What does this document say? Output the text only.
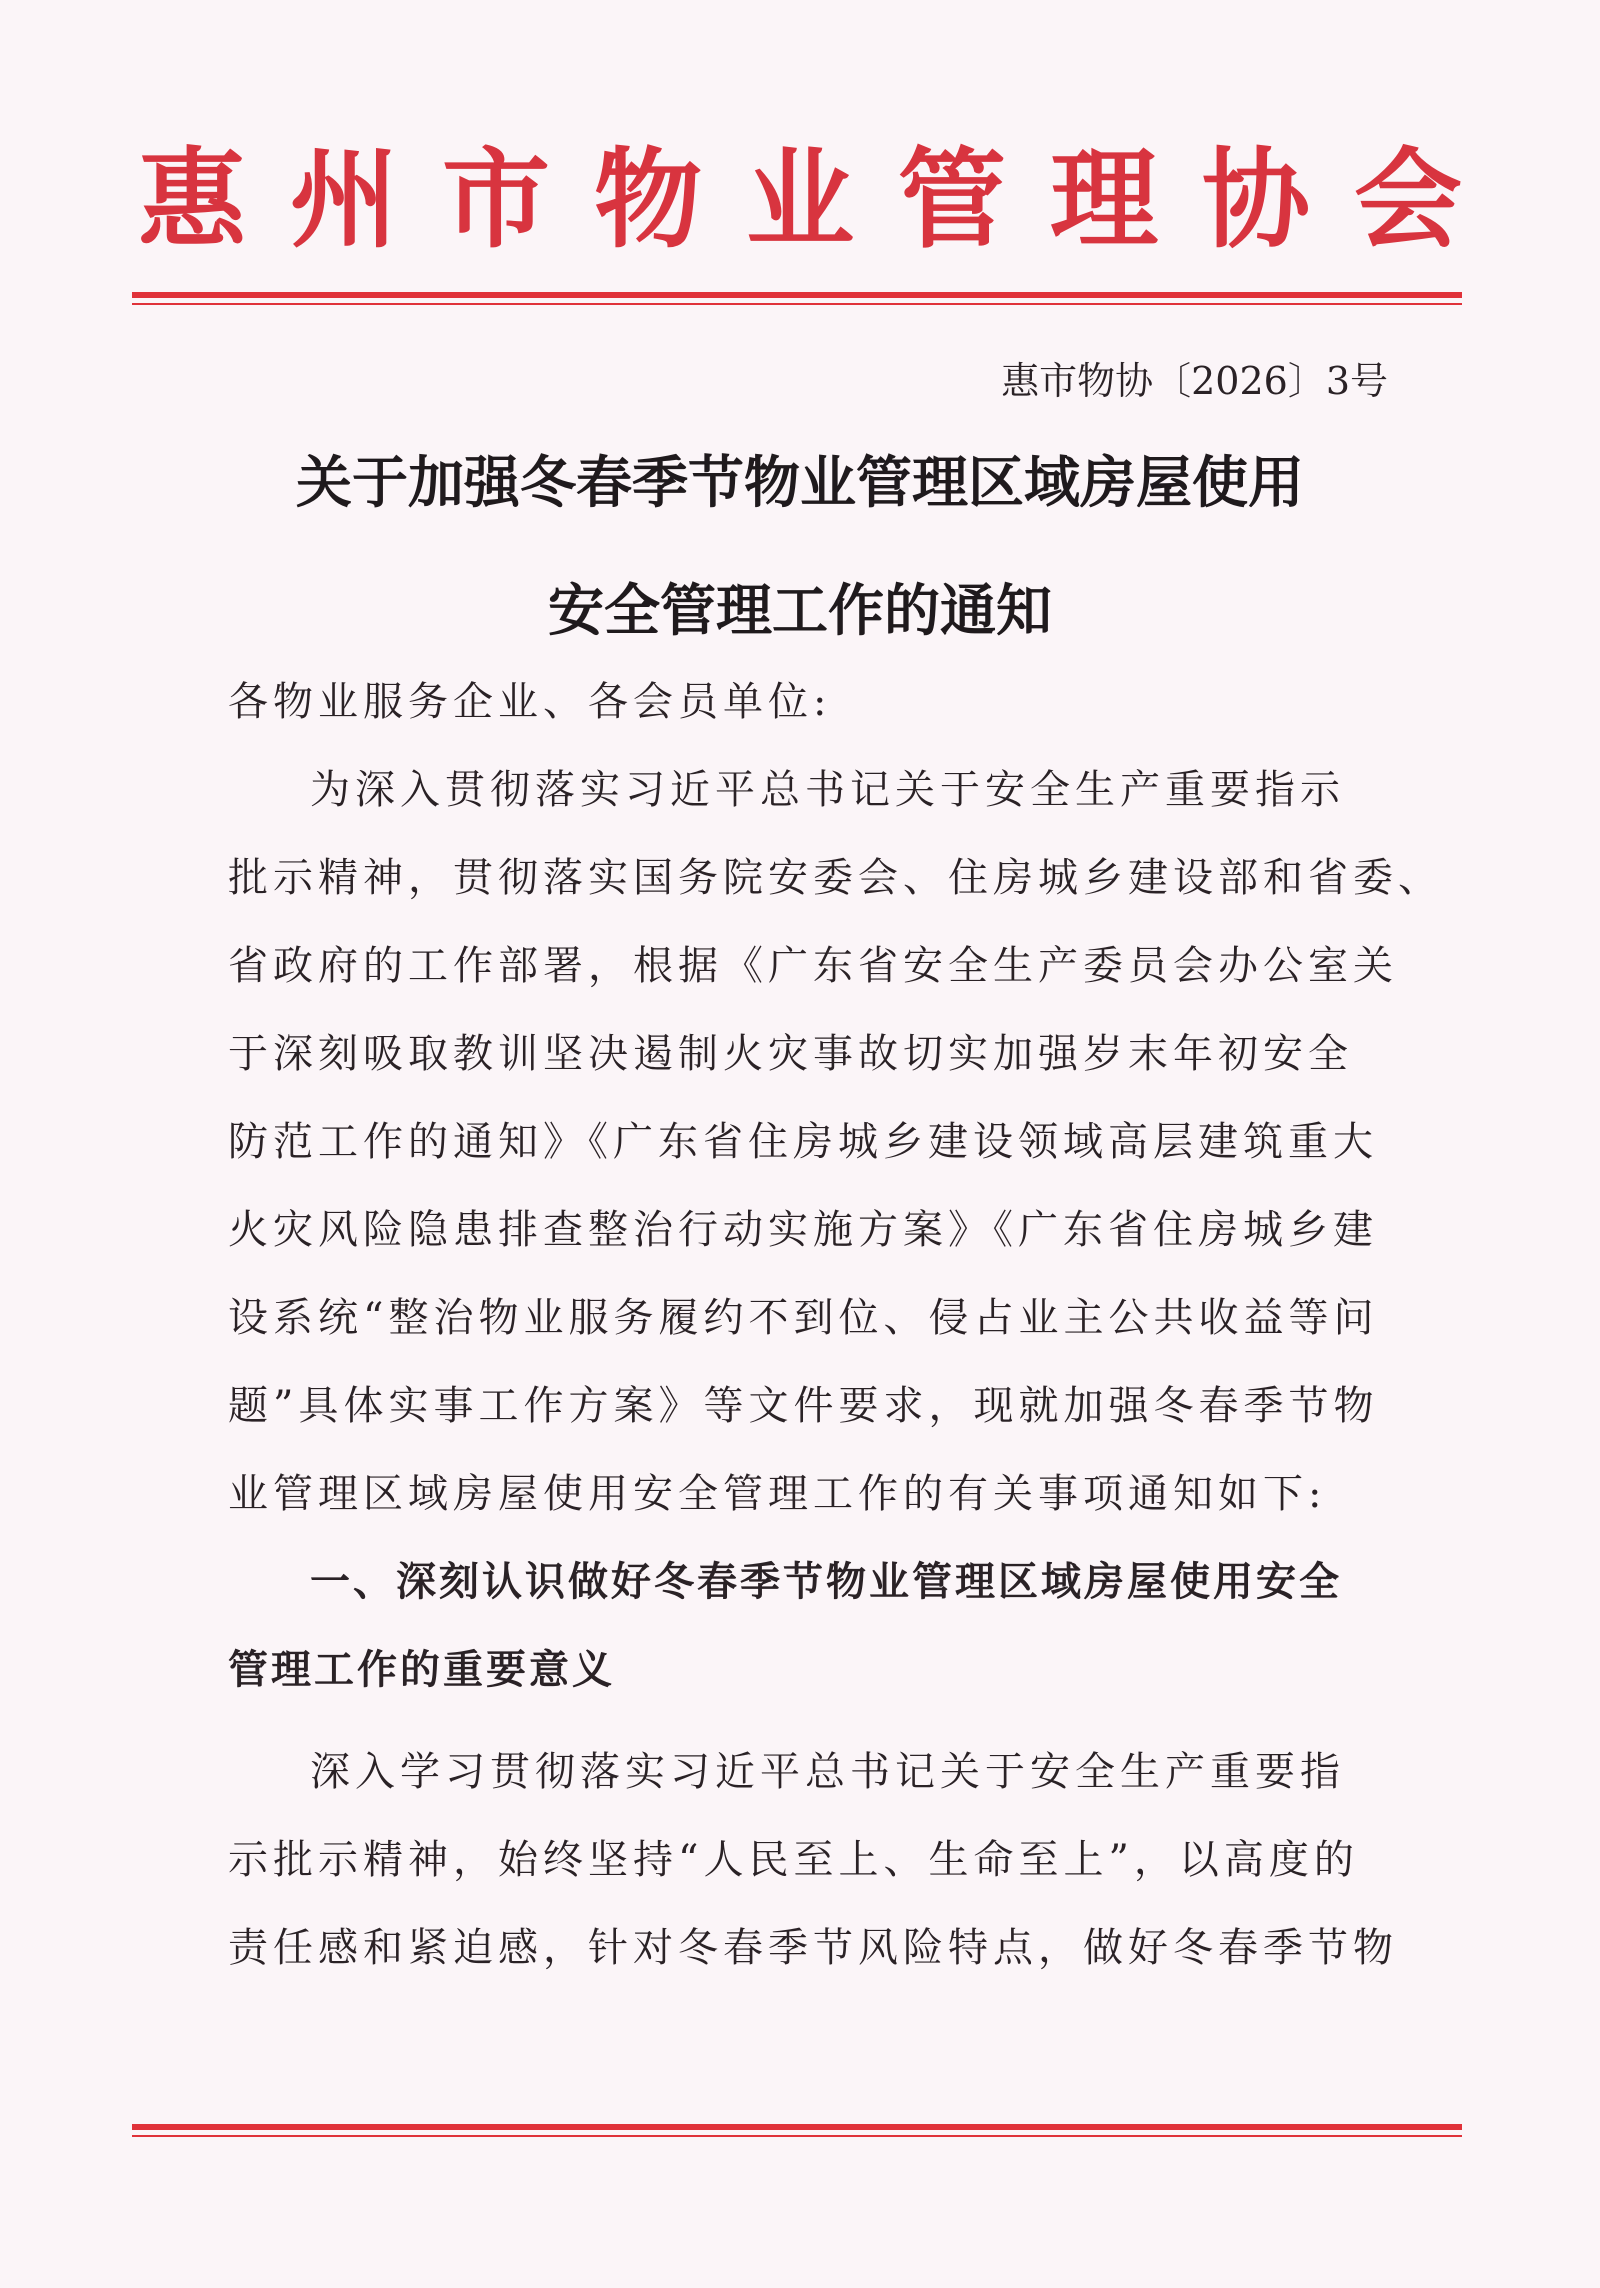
惠州市物业管理协会
惠市物协〔2026〕3号
关于加强冬春季节物业管理区域房屋使用
安全管理工作的通知
各物业服务企业、各会员单位:
为深入贯彻落实习近平总书记关于安全生产重要指示
批示精神，贯彻落实国务院安委会、住房城乡建设部和省委、
省政府的工作部署，根据《广东省安全生产委员会办公室关
于深刻吸取教训坚决遏制火灾事故切实加强岁末年初安全
防范工作的通知》《广东省住房城乡建设领域高层建筑重大
火灾风险隐患排查整治行动实施方案》《广东省住房城乡建
设系统“整治物业服务履约不到位、侵占业主公共收益等问
题”具体实事工作方案》等文件要求，现就加强冬春季节物
业管理区域房屋使用安全管理工作的有关事项通知如下:
一、深刻认识做好冬春季节物业管理区域房屋使用安全
管理工作的重要意义
深入学习贯彻落实习近平总书记关于安全生产重要指
示批示精神，始终坚持“人民至上、生命至上”，以高度的
责任感和紧迫感，针对冬春季节风险特点，做好冬春季节物
